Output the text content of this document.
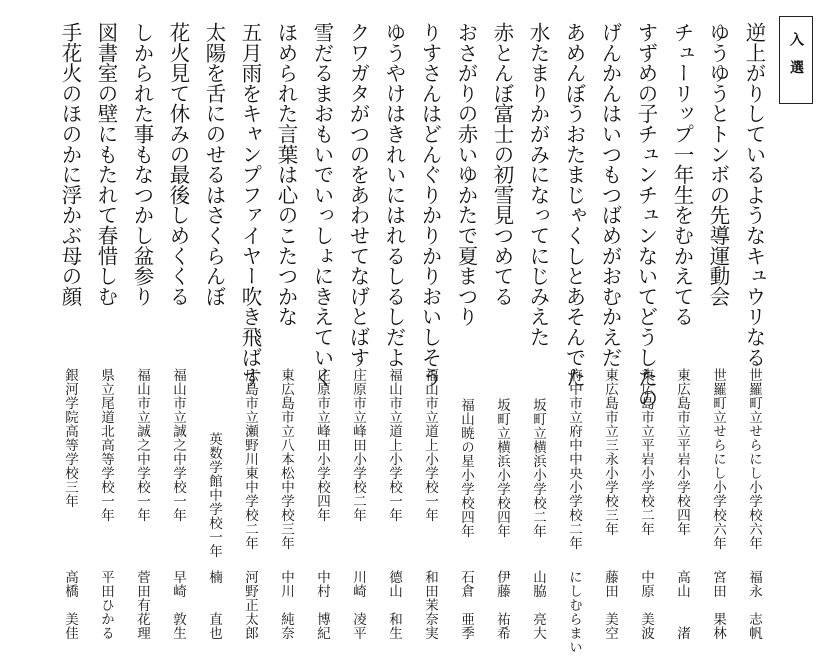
入選
逆上がりしているようなキュウリなる
世羅町立せらにし小学校六年
福永　志帆
ゆうゆうとトンボの先導運動会
世羅町立せらにし小学校六年
宮田　果林
チューリップ一年生をむかえてる
東広島市立平岩小学校四年
高山　　渚
すずめの子チュンチュンないてどうしたの
東広島市立平岩小学校二年
中原　美波
げんかんはいつもつばめがおむかえだ
東広島市立三永小学校三年
藤田　美空
あめんぼうおたまじゃくしとあそんでた
府中市立府中中央小学校二年
にしむらまい
水たまりかがみになってにじみえた
坂町立横浜小学校二年
山脇　亮大
赤とんぼ富士の初雪見つめてる
坂町立横浜小学校四年
伊藤　祐希
おさがりの赤いゆかたで夏まつり
福山暁の星小学校四年
石倉　亜季
りすさんはどんぐりかりかりおいしそう
福山市立道上小学校一年
和田茉奈実
ゆうやけはきれいにはれるしるしだよ
福山市立道上小学校一年
德山　和生
クワガタがつのをあわせてなげとばす
庄原市立峰田小学校二年
川崎　凌平
雪だるまおもいでいっしょにきえていく
庄原市立峰田小学校四年
中村　博紀
ほめられた言葉は心のこたつかな
東広島市立八本松中学校三年
中川　純奈
五月雨をキャンプファイヤー吹き飛ばす
広島市立瀬野川東中学校二年
河野正太郎
太陽を舌にのせるはさくらんぼ
英数学館中学校一年
楠　　直也
花火見て休みの最後しめくくる
福山市立誠之中学校一年
早崎　敦生
しかられた事もなつかし盆参り
福山市立誠之中学校一年
菅田有花理
図書室の壁にもたれて春惜しむ
県立尾道北高等学校一年
平田ひかる
手花火のほのかに浮かぶ母の顔
銀河学院高等学校三年
高橋　美佳
